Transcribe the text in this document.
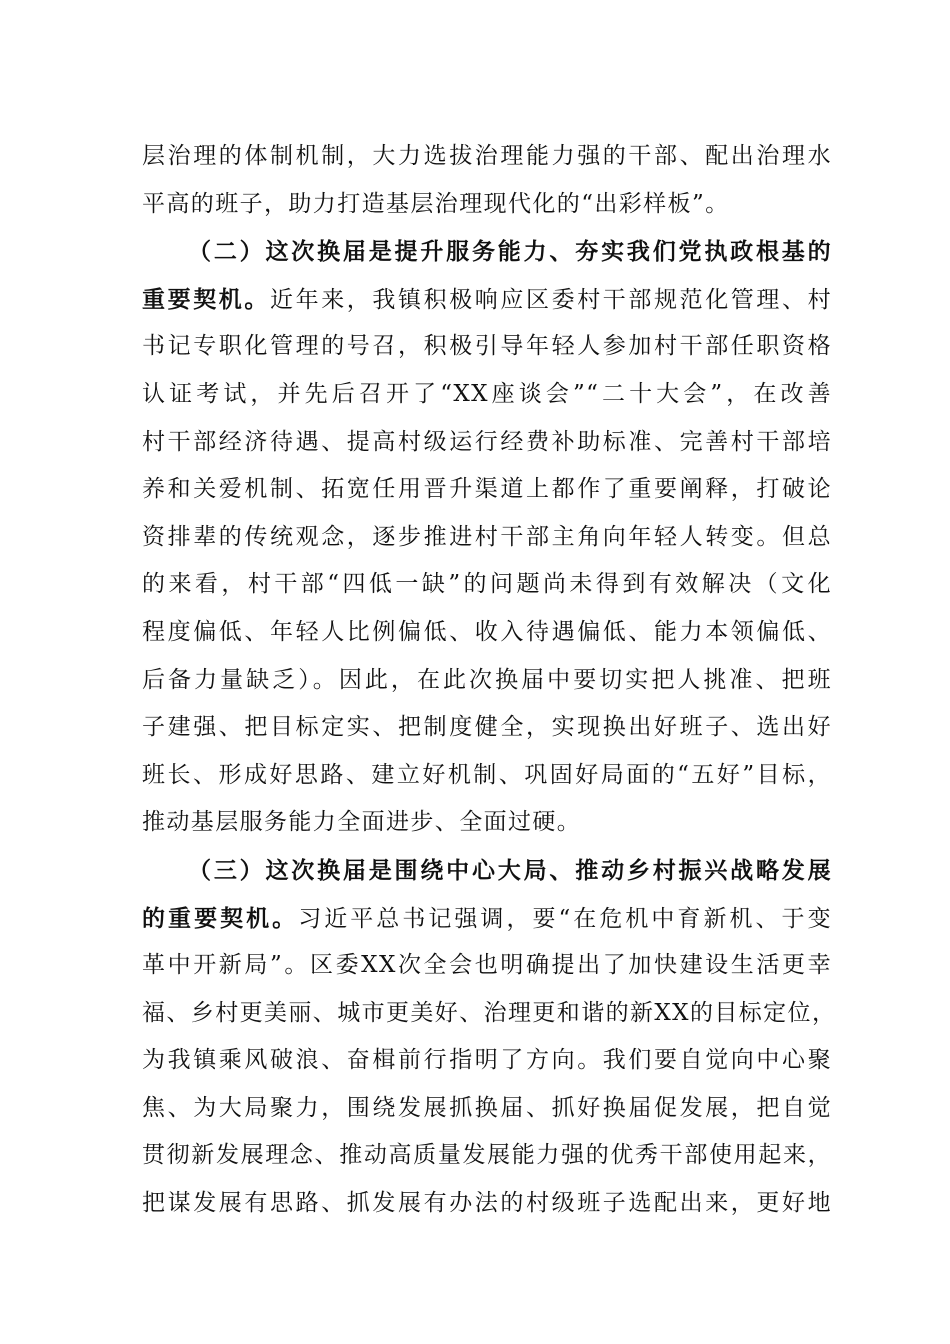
层治理的体制机制，大力选拔治理能力强的干部、配出治理水
平高的班子，助力打造基层治理现代化的“出彩样板”。
（二）这次换届是提升服务能力、夯实我们党执政根基的
重要契机。近年来，我镇积极响应区委村干部规范化管理、村
书记专职化管理的号召，积极引导年轻人参加村干部任职资格
认证考试，并先后召开了“XX座谈会”“二十大会”，在改善
村干部经济待遇、提高村级运行经费补助标准、完善村干部培
养和关爱机制、拓宽任用晋升渠道上都作了重要阐释，打破论
资排辈的传统观念，逐步推进村干部主角向年轻人转变。但总
的来看，村干部“四低一缺”的问题尚未得到有效解决（文化
程度偏低、年轻人比例偏低、收入待遇偏低、能力本领偏低、
后备力量缺乏）。因此，在此次换届中要切实把人挑准、把班
子建强、把目标定实、把制度健全，实现换出好班子、选出好
班长、形成好思路、建立好机制、巩固好局面的“五好”目标，
推动基层服务能力全面进步、全面过硬。
（三）这次换届是围绕中心大局、推动乡村振兴战略发展
的重要契机。习近平总书记强调，要“在危机中育新机、于变
革中开新局”。区委XX次全会也明确提出了加快建设生活更幸
福、乡村更美丽、城市更美好、治理更和谐的新XX的目标定位，
为我镇乘风破浪、奋楫前行指明了方向。我们要自觉向中心聚
焦、为大局聚力，围绕发展抓换届、抓好换届促发展，把自觉
贯彻新发展理念、推动高质量发展能力强的优秀干部使用起来，
把谋发展有思路、抓发展有办法的村级班子选配出来，更好地
